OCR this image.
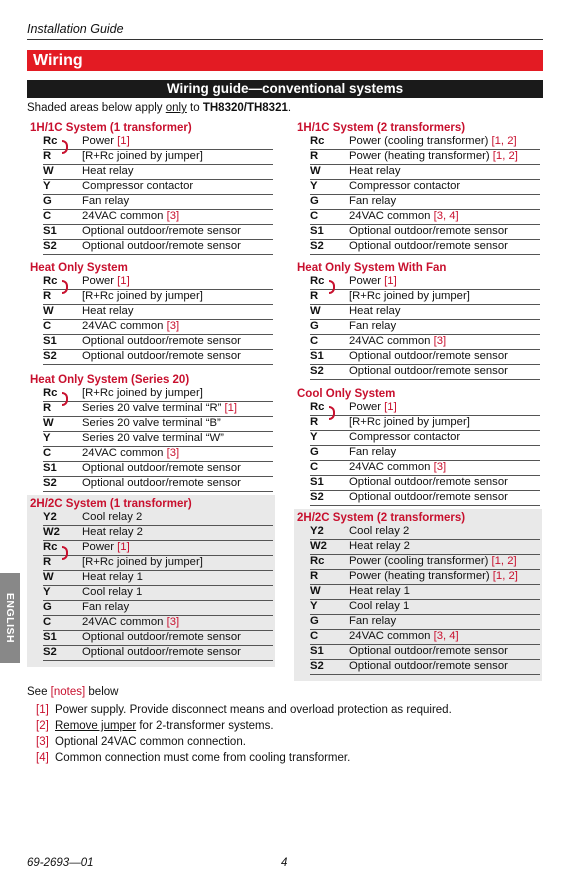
Installation Guide
Wiring
Wiring guide—conventional systems
Shaded areas below apply only to TH8320/TH8321.
1H/1C System (1 transformer)
Rc	Power [1]
R	[R+Rc joined by jumper]
W	Heat relay
Y	Compressor contactor
G	Fan relay
C	24VAC common [3]
S1	Optional outdoor/remote sensor
S2	Optional outdoor/remote sensor
Heat Only System
Rc	Power [1]
R	[R+Rc joined by jumper]
W	Heat relay
C	24VAC common [3]
S1	Optional outdoor/remote sensor
S2	Optional outdoor/remote sensor
Heat Only System (Series 20)
Rc	[R+Rc joined by jumper]
R	Series 20 valve terminal “R” [1]
W	Series 20 valve terminal “B”
Y	Series 20 valve terminal “W”
C	24VAC common [3]
S1	Optional outdoor/remote sensor
S2	Optional outdoor/remote sensor
2H/2C System (1 transformer)
Y2	Cool relay 2
W2	Heat relay 2
Rc	Power [1]
R	[R+Rc joined by jumper]
W	Heat relay 1
Y	Cool relay 1
G	Fan relay
C	24VAC common [3]
S1	Optional outdoor/remote sensor
S2	Optional outdoor/remote sensor
1H/1C System (2 transformers)
Rc	Power (cooling transformer) [1, 2]
R	Power (heating transformer) [1, 2]
W	Heat relay
Y	Compressor contactor
G	Fan relay
C	24VAC common [3, 4]
S1	Optional outdoor/remote sensor
S2	Optional outdoor/remote sensor
Heat Only System With Fan
Rc	Power [1]
R	[R+Rc joined by jumper]
W	Heat relay
G	Fan relay
C	24VAC common [3]
S1	Optional outdoor/remote sensor
S2	Optional outdoor/remote sensor
Cool Only System
Rc	Power [1]
R	[R+Rc joined by jumper]
Y	Compressor contactor
G	Fan relay
C	24VAC common [3]
S1	Optional outdoor/remote sensor
S2	Optional outdoor/remote sensor
2H/2C System (2 transformers)
Y2	Cool relay 2
W2	Heat relay 2
Rc	Power (cooling transformer) [1, 2]
R	Power (heating transformer) [1, 2]
W	Heat relay 1
Y	Cool relay 1
G	Fan relay
C	24VAC common [3, 4]
S1	Optional outdoor/remote sensor
S2	Optional outdoor/remote sensor
ENGLISH
See [notes] below
[1] Power supply. Provide disconnect means and overload protection as required.
[2] Remove jumper for 2-transformer systems.
[3] Optional 24VAC common connection.
[4] Common connection must come from cooling transformer.
69-2693—01	4
